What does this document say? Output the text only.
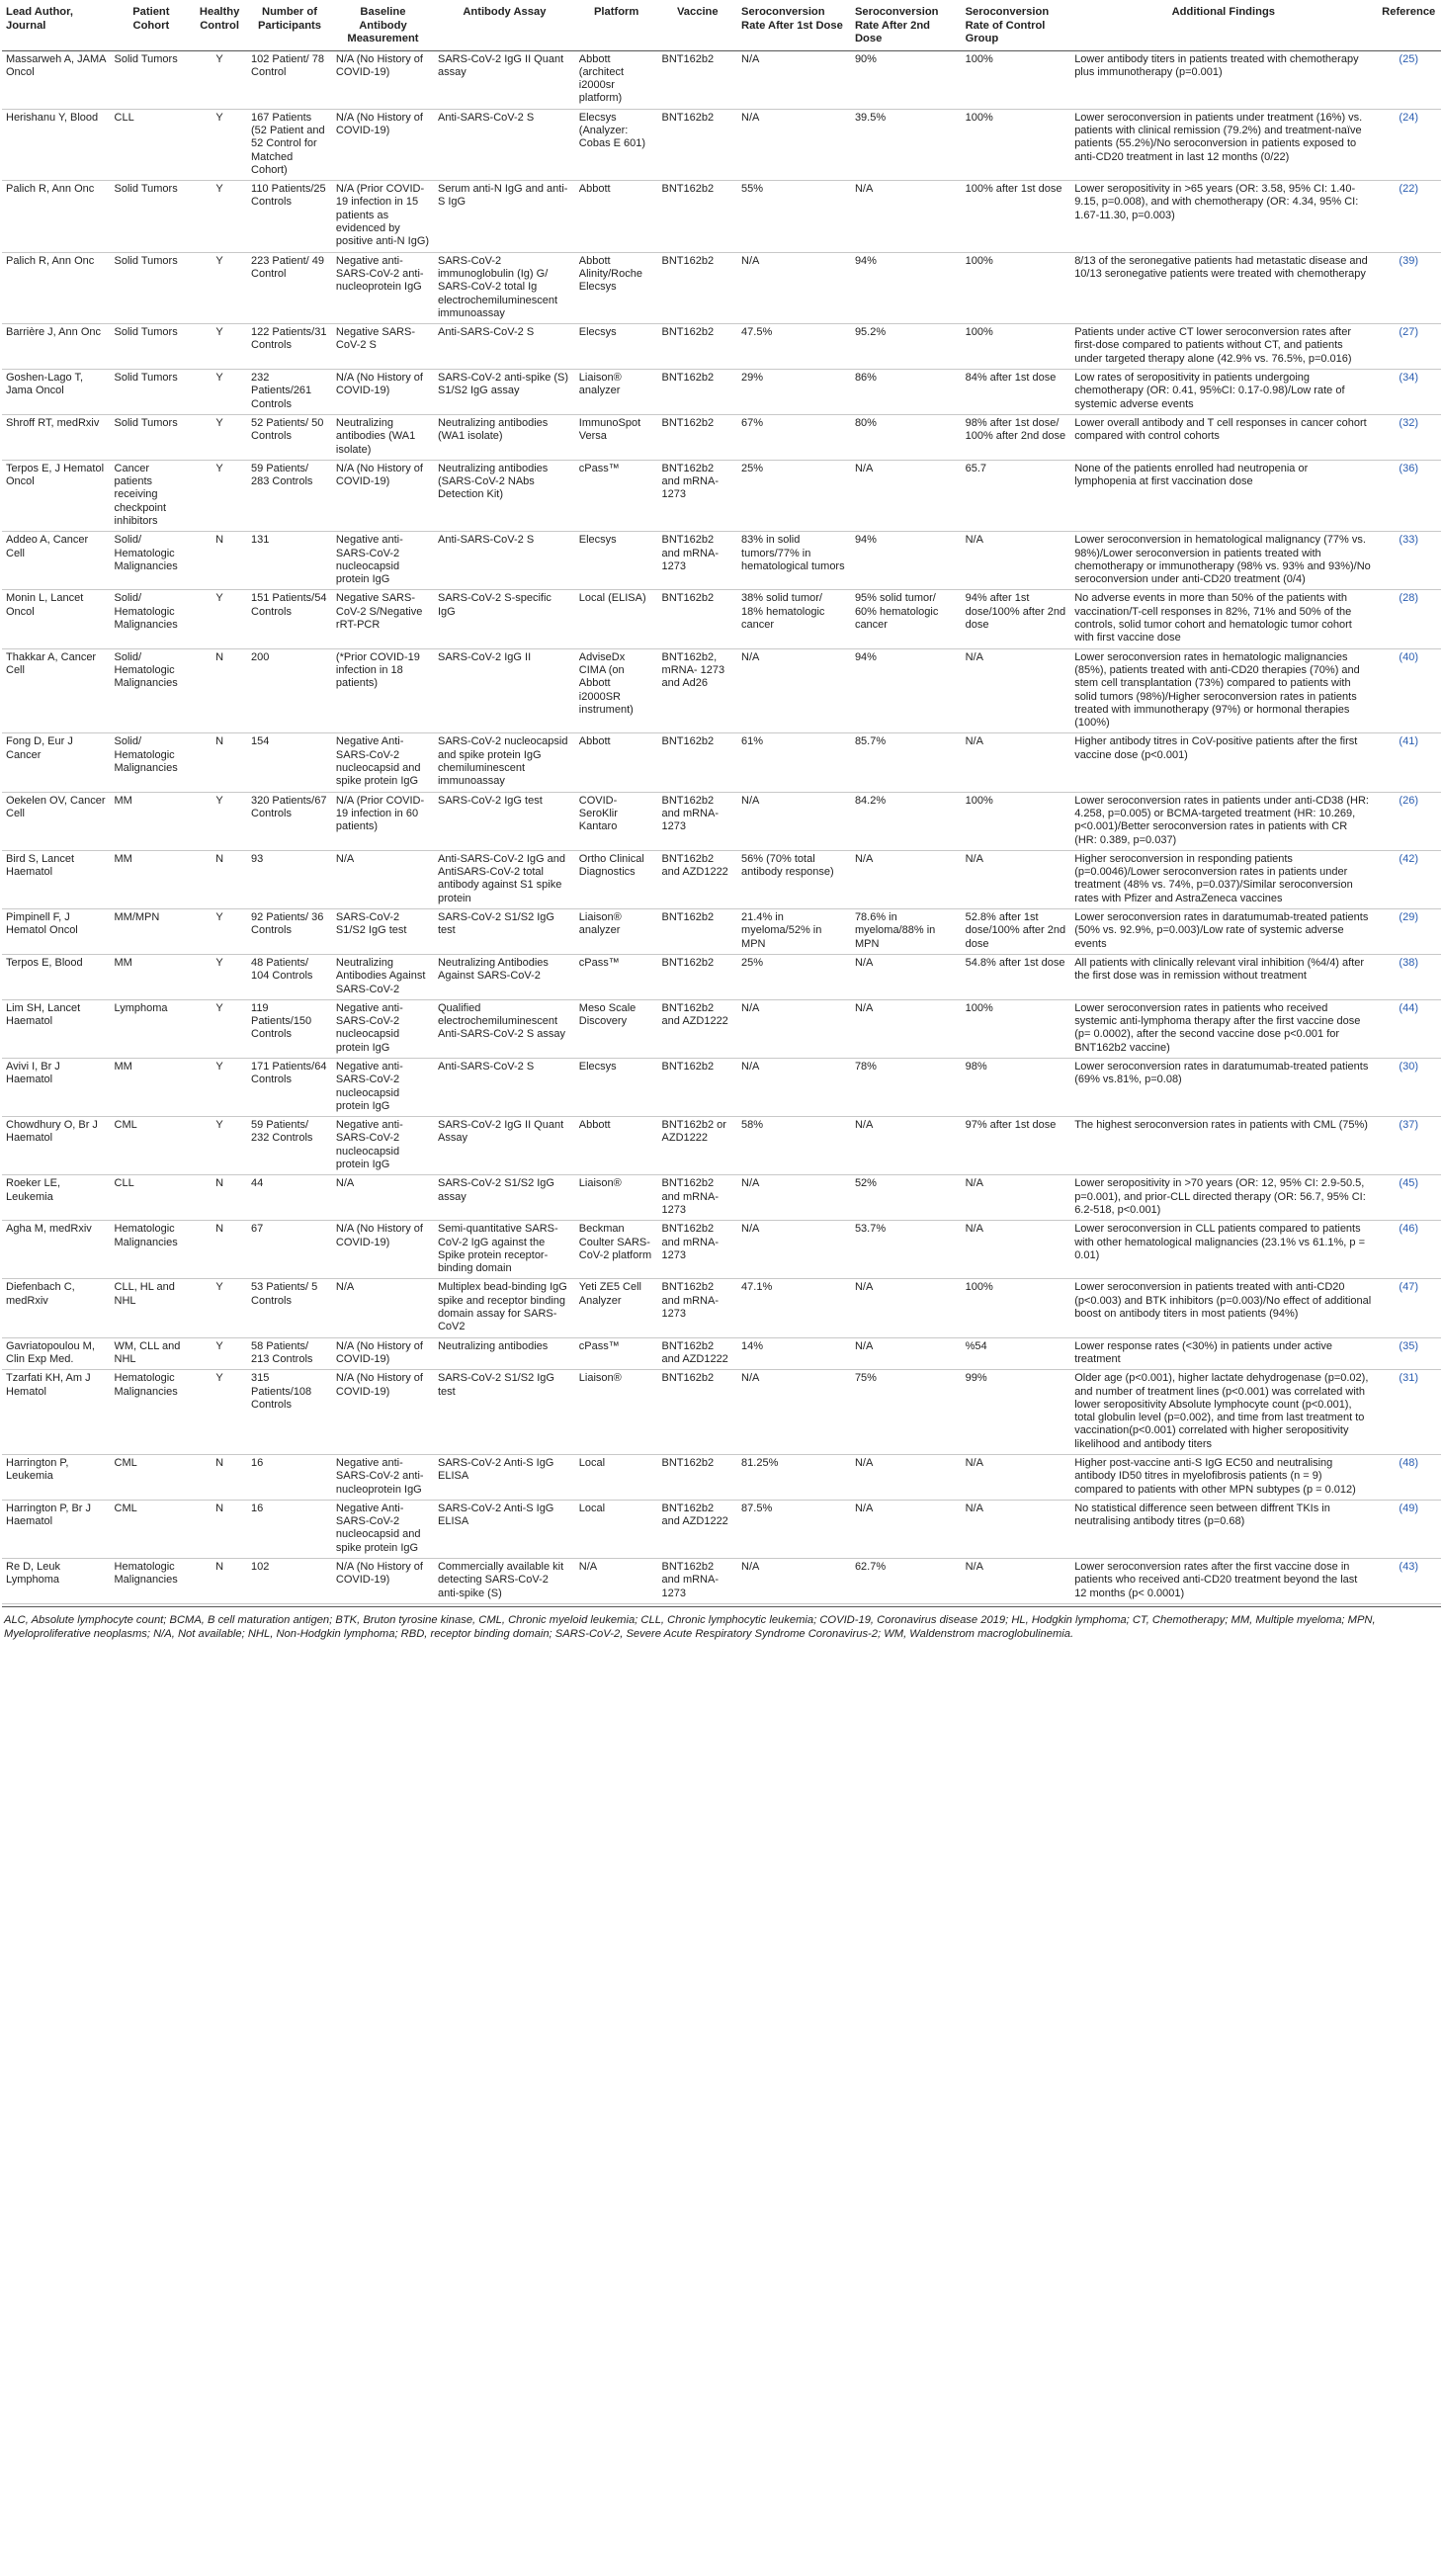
Lead Author, Journal	Patient Cohort	Healthy Control	Number of Participants	Baseline Antibody Measurement	Antibody Assay	Platform	Vaccine	Seroconversion Rate After 1st Dose	Seroconversion Rate After 2nd Dose	Seroconversion Rate of Control Group	Additional Findings	Reference
Massarweh A, JAMA Oncol	Solid Tumors	Y	102 Patient/ 78 Control	N/A (No History of COVID-19)	SARS-CoV-2 IgG II Quant assay	Abbott (architect i2000sr platform)	BNT162b2	N/A	90%	100%	Lower antibody titers in patients treated with chemotherapy plus immunotherapy (p=0.001)	(25)
Herishanu Y, Blood	CLL	Y	167 Patients (52 Patient and 52 Control for Matched Cohort)	N/A (No History of COVID-19)	Anti-SARS-CoV-2 S	Elecsys (Analyzer: Cobas E 601)	BNT162b2	N/A	39.5%	100%	Lower seroconversion in patients under treatment (16%) vs. patients with clinical remission (79.2%) and treatment-naïve patients (55.2%)/No seroconversion in patients exposed to anti-CD20 treatment in last 12 months (0/22)	(24)
Palich R, Ann Onc	Solid Tumors	Y	110 Patients/25 Controls	N/A (Prior COVID-19 infection in 15 patients as evidenced by positive anti-N IgG)	Serum anti-N IgG and anti-S IgG	Abbott	BNT162b2	55%	N/A	100% after 1st dose	Lower seropositivity in >65 years (OR: 3.58, 95% CI: 1.40-9.15, p=0.008), and with chemotherapy (OR: 4.34, 95% CI: 1.67-11.30, p=0.003)	(22)
Palich R, Ann Onc	Solid Tumors	Y	223 Patient/ 49 Control	Negative anti-SARS-CoV-2 anti-nucleoprotein IgG	SARS-CoV-2 immunoglobulin (Ig) G/ SARS-CoV-2 total Ig electrochemiluminescent immunoassay	Abbott Alinity/Roche Elecsys	BNT162b2	N/A	94%	100%	8/13 of the seronegative patients had metastatic disease and 10/13 seronegative patients were treated with chemotherapy	(39)
Barrière J, Ann Onc	Solid Tumors	Y	122 Patients/31 Controls	Negative SARS-CoV-2 S	Anti-SARS-CoV-2 S	Elecsys	BNT162b2	47.5%	95.2%	100%	Patients under active CT lower seroconversion rates after first-dose compared to patients without CT, and patients under targeted therapy alone (42.9% vs. 76.5%, p=0.016)	(27)
Goshen-Lago T, Jama Oncol	Solid Tumors	Y	232 Patients/261 Controls	N/A (No History of COVID-19)	SARS-CoV-2 anti-spike (S) S1/S2 IgG assay	Liaison® analyzer	BNT162b2	29%	86%	84% after 1st dose	Low rates of seropositivity in patients undergoing chemotherapy (OR: 0.41, 95%CI: 0.17-0.98)/Low rate of systemic adverse events	(34)
Shroff RT, medRxiv	Solid Tumors	Y	52 Patients/ 50 Controls	Neutralizing antibodies (WA1 isolate)	Neutralizing antibodies (WA1 isolate)	ImmunoSpot Versa	BNT162b2	67%	80%	98% after 1st dose/ 100% after 2nd dose	Lower overall antibody and T cell responses in cancer cohort compared with control cohorts	(32)
Terpos E, J Hematol Oncol	Cancer patients receiving checkpoint inhibitors	Y	59 Patients/ 283 Controls	N/A (No History of COVID-19)	Neutralizing antibodies (SARS-CoV-2 NAbs Detection Kit)	cPass™	BNT162b2 and mRNA-1273	25%	N/A	65.7	None of the patients enrolled had neutropenia or lymphopenia at first vaccination dose	(36)
Addeo A, Cancer Cell	Solid/ Hematologic Malignancies	N	131	Negative anti-SARS-CoV-2 nucleocapsid protein IgG	Anti-SARS-CoV-2 S	Elecsys	BNT162b2 and mRNA-1273	83% in solid tumors/77% in hematological tumors	94%	N/A	Lower seroconversion in hematological malignancy (77% vs. 98%)/Lower seroconversion in patients treated with chemotherapy or immunotherapy (98% vs. 93% and 93%)/No seroconversion under anti-CD20 treatment (0/4)	(33)
Monin L, Lancet Oncol	Solid/ Hematologic Malignancies	Y	151 Patients/54 Controls	Negative SARS-CoV-2 S/Negative rRT-PCR	SARS-CoV-2 S-specific IgG	Local (ELISA)	BNT162b2	38% solid tumor/ 18% hematologic cancer	95% solid tumor/ 60% hematologic cancer	94% after 1st dose/100% after 2nd dose	No adverse events in more than 50% of the patients with vaccination/T-cell responses in 82%, 71% and 50% of the controls, solid tumor cohort and hematologic tumor cohort with first vaccine dose	(28)
Thakkar A, Cancer Cell	Solid/ Hematologic Malignancies	N	200	(*Prior COVID-19 infection in 18 patients)	SARS-CoV-2 IgG II	AdviseDx CIMA (on Abbott i2000SR instrument)	BNT162b2, mRNA- 1273 and Ad26	N/A	94%	N/A	Lower seroconversion rates in hematologic malignancies (85%), patients treated with anti-CD20 therapies (70%) and stem cell transplantation (73%) compared to patients with solid tumors (98%)/Higher seroconversion rates in patients treated with immunotherapy (97%) or hormonal therapies (100%)	(40)
Fong D, Eur J Cancer	Solid/ Hematologic Malignancies	N	154	Negative Anti-SARS-CoV-2 nucleocapsid and spike protein IgG	SARS-CoV-2 nucleocapsid and spike protein IgG chemiluminescent immunoassay	Abbott	BNT162b2	61%	85.7%	N/A	Higher antibody titres in CoV-positive patients after the first vaccine dose (p<0.001)	(41)
Oekelen OV, Cancer Cell	MM	Y	320 Patients/67 Controls	N/A (Prior COVID-19 infection in 60 patients)	SARS-CoV-2 IgG test	COVID-SeroKlir Kantaro	BNT162b2 and mRNA-1273	N/A	84.2%	100%	Lower seroconversion rates in patients under anti-CD38 (HR: 4.258, p=0.005) or BCMA-targeted treatment (HR: 10.269, p<0.001)/Better seroconversion rates in patients with CR (HR: 0.389, p=0.037)	(26)
Bird S, Lancet Haematol	MM	N	93	N/A	Anti-SARS-CoV-2 IgG and AntiSARS-CoV-2 total antibody against S1 spike protein	Ortho Clinical Diagnostics	BNT162b2 and AZD1222	56% (70% total antibody response)	N/A	N/A	Higher seroconversion in responding patients (p=0.0046)/Lower seroconversion rates in patients under treatment (48% vs. 74%, p=0.037)/Similar seroconversion rates with Pfizer and AstraZeneca vaccines	(42)
Pimpinell F, J Hematol Oncol	MM/MPN	Y	92 Patients/ 36 Controls	SARS-CoV-2 S1/S2 IgG test	SARS-CoV-2 S1/S2 IgG test	Liaison® analyzer	BNT162b2	21.4% in myeloma/52% in MPN	78.6% in myeloma/88% in MPN	52.8% after 1st dose/100% after 2nd dose	Lower seroconversion rates in daratumumab-treated patients (50% vs. 92.9%, p=0.003)/Low rate of systemic adverse events	(29)
Terpos E, Blood	MM	Y	48 Patients/ 104 Controls	Neutralizing Antibodies Against SARS-CoV-2	Neutralizing Antibodies Against SARS-CoV-2	cPass™	BNT162b2	25%	N/A	54.8% after 1st dose	All patients with clinically relevant viral inhibition (%4/4) after the first dose was in remission without treatment	(38)
Lim SH, Lancet Haematol	Lymphoma	Y	119 Patients/150 Controls	Negative anti-SARS-CoV-2 nucleocapsid protein IgG	Qualified electrochemiluminescent Anti-SARS-CoV-2 S assay	Meso Scale Discovery	BNT162b2 and AZD1222	N/A	N/A	100%	Lower seroconversion rates in patients who received systemic anti-lymphoma therapy after the first vaccine dose (p= 0.0002), after the second vaccine dose p<0.001 for BNT162b2 vaccine)	(44)
Avivi I, Br J Haematol	MM	Y	171 Patients/64 Controls	Negative anti-SARS-CoV-2 nucleocapsid protein IgG	Anti-SARS-CoV-2 S	Elecsys	BNT162b2	N/A	78%	98%	Lower seroconversion rates in daratumumab-treated patients (69% vs.81%, p=0.08)	(30)
Chowdhury O, Br J Haematol	CML	Y	59 Patients/ 232 Controls	Negative anti-SARS-CoV-2 nucleocapsid protein IgG	SARS-CoV-2 IgG II Quant Assay	Abbott	BNT162b2 or AZD1222	58%	N/A	97% after 1st dose	The highest seroconversion rates in patients with CML (75%)	(37)
Roeker LE, Leukemia	CLL	N	44	N/A	SARS-CoV-2 S1/S2 IgG assay	Liaison®	BNT162b2 and mRNA-1273	N/A	52%	N/A	Lower seropositivity in >70 years (OR: 12, 95% CI: 2.9-50.5, p=0.001), and prior-CLL directed therapy (OR: 56.7, 95% CI: 6.2-518, p<0.001)	(45)
Agha M, medRxiv	Hematologic Malignancies	N	67	N/A (No History of COVID-19)	Semi-quantitative SARS-CoV-2 IgG against the Spike protein receptor-binding domain	Beckman Coulter SARS-CoV-2 platform	BNT162b2 and mRNA-1273	N/A	53.7%	N/A	Lower seroconversion in CLL patients compared to patients with other hematological malignancies (23.1% vs 61.1%, p = 0.01)	(46)
Diefenbach C, medRxiv	CLL, HL and NHL	Y	53 Patients/ 5 Controls	N/A	Multiplex bead-binding IgG spike and receptor binding domain assay for SARS-CoV2	Yeti ZE5 Cell Analyzer	BNT162b2 and mRNA-1273	47.1%	N/A	100%	Lower seroconversion in patients treated with anti-CD20 (p<0.003) and BTK inhibitors (p=0.003)/No effect of additional boost on antibody titers in most patients (94%)	(47)
Gavriatopoulou M, Clin Exp Med.	WM, CLL and NHL	Y	58 Patients/ 213 Controls	N/A (No History of COVID-19)	Neutralizing antibodies	cPass™	BNT162b2 and AZD1222	14%	N/A	%54	Lower response rates (<30%) in patients under active treatment	(35)
Tzarfati KH, Am J Hematol	Hematologic Malignancies	Y	315 Patients/108 Controls	N/A (No History of COVID-19)	SARS-CoV-2 S1/S2 IgG test	Liaison®	BNT162b2	N/A	75%	99%	Older age (p<0.001), higher lactate dehydrogenase (p=0.02), and number of treatment lines (p<0.001) was correlated with lower seropositivity Absolute lymphocyte count (p<0.001), total globulin level (p=0.002), and time from last treatment to vaccination(p<0.001) correlated with higher seropositivity likelihood and antibody titers	(31)
Harrington P, Leukemia	CML	N	16	Negative anti-SARS-CoV-2 anti-nucleoprotein IgG	SARS-CoV-2 Anti-S IgG ELISA	Local	BNT162b2	81.25%	N/A	N/A	Higher post-vaccine anti-S IgG EC50 and neutralising antibody ID50 titres in myelofibrosis patients (n = 9) compared to patients with other MPN subtypes (p = 0.012)	(48)
Harrington P, Br J Haematol	CML	N	16	Negative Anti-SARS-CoV-2 nucleocapsid and spike protein IgG	SARS-CoV-2 Anti-S IgG ELISA	Local	BNT162b2 and AZD1222	87.5%	N/A	N/A	No statistical difference seen between diffrent TKIs in neutralising antibody titres (p=0.68)	(49)
Re D, Leuk Lymphoma	Hematologic Malignancies	N	102	N/A (No History of COVID-19)	Commercially available kit detecting SARS-CoV-2 anti-spike (S)	N/A	BNT162b2 and mRNA-1273	N/A	62.7%	N/A	Lower seroconversion rates after the first vaccine dose in patients who received anti-CD20 treatment beyond the last 12 months (p< 0.0001)	(43)
ALC, Absolute lymphocyte count; BCMA, B cell maturation antigen; BTK, Bruton tyrosine kinase, CML, Chronic myeloid leukemia; CLL, Chronic lymphocytic leukemia; COVID-19, Coronavirus disease 2019; HL, Hodgkin lymphoma; CT, Chemotherapy; MM, Multiple myeloma; MPN, Myeloproliferative neoplasms; N/A, Not available; NHL, Non-Hodgkin lymphoma; RBD, receptor binding domain; SARS-CoV-2, Severe Acute Respiratory Syndrome Coronavirus-2; WM, Waldenstrom macroglobulinemia.
